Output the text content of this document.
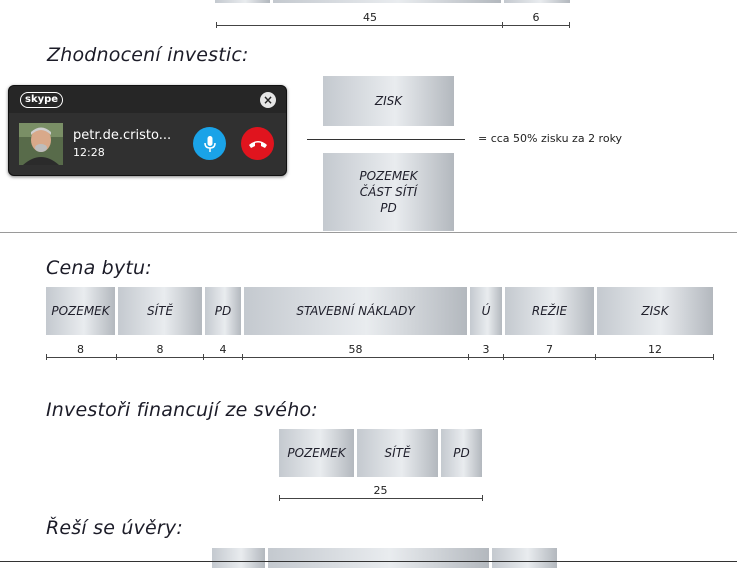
45	6
Zhodnocení investic:
ZISK
= cca 50% zisku za 2 roky
POZEMEK
ČÁST SÍTÍ
PD
Cena bytu:
POZEMEK	SÍTĚ	PD	STAVEBNÍ NÁKLADY	Ú	REŽIE	ZISK
8	8	4	58	3	7	12
Investoři financují ze svého:
POZEMEK	SÍTĚ	PD
25
Řeší se úvěry:
skype	×
petr.de.cristo...
12:28
